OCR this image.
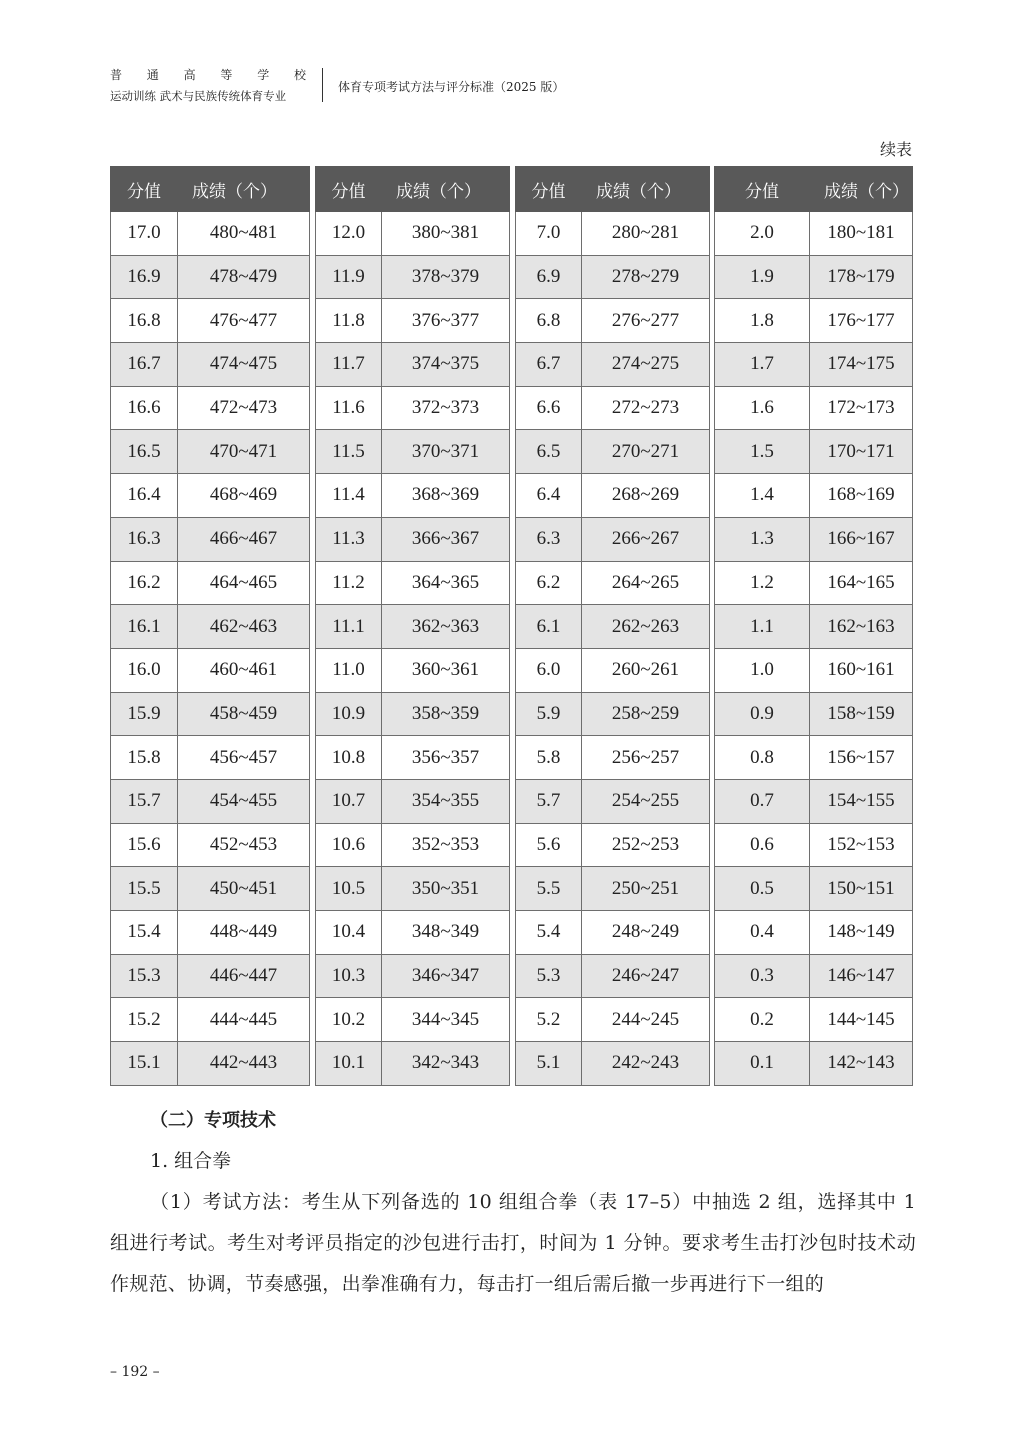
普 通 高 等 学 校
运动训练 武术与民族传统体育专业
体育专项考试方法与评分标准（2025 版）
续表
分值	成绩（个）
17.0	480~481
16.9	478~479
16.8	476~477
16.7	474~475
16.6	472~473
16.5	470~471
16.4	468~469
16.3	466~467
16.2	464~465
16.1	462~463
16.0	460~461
15.9	458~459
15.8	456~457
15.7	454~455
15.6	452~453
15.5	450~451
15.4	448~449
15.3	446~447
15.2	444~445
15.1	442~443
分值	成绩（个）
12.0	380~381
11.9	378~379
11.8	376~377
11.7	374~375
11.6	372~373
11.5	370~371
11.4	368~369
11.3	366~367
11.2	364~365
11.1	362~363
11.0	360~361
10.9	358~359
10.8	356~357
10.7	354~355
10.6	352~353
10.5	350~351
10.4	348~349
10.3	346~347
10.2	344~345
10.1	342~343
分值	成绩（个）
7.0	280~281
6.9	278~279
6.8	276~277
6.7	274~275
6.6	272~273
6.5	270~271
6.4	268~269
6.3	266~267
6.2	264~265
6.1	262~263
6.0	260~261
5.9	258~259
5.8	256~257
5.7	254~255
5.6	252~253
5.5	250~251
5.4	248~249
5.3	246~247
5.2	244~245
5.1	242~243
分值	成绩（个）
2.0	180~181
1.9	178~179
1.8	176~177
1.7	174~175
1.6	172~173
1.5	170~171
1.4	168~169
1.3	166~167
1.2	164~165
1.1	162~163
1.0	160~161
0.9	158~159
0.8	156~157
0.7	154~155
0.6	152~153
0.5	150~151
0.4	148~149
0.3	146~147
0.2	144~145
0.1	142~143
（二）专项技术
1. 组合拳
（1）考试方法：考生从下列备选的 10 组组合拳（表 17–5）中抽选 2 组，选择其中 1 组进行考试。考生对考评员指定的沙包进行击打，时间为 1 分钟。要求考生击打沙包时技术动作规范、协调，节奏感强，出拳准确有力，每击打一组后需后撤一步再进行下一组的
– 192 –
